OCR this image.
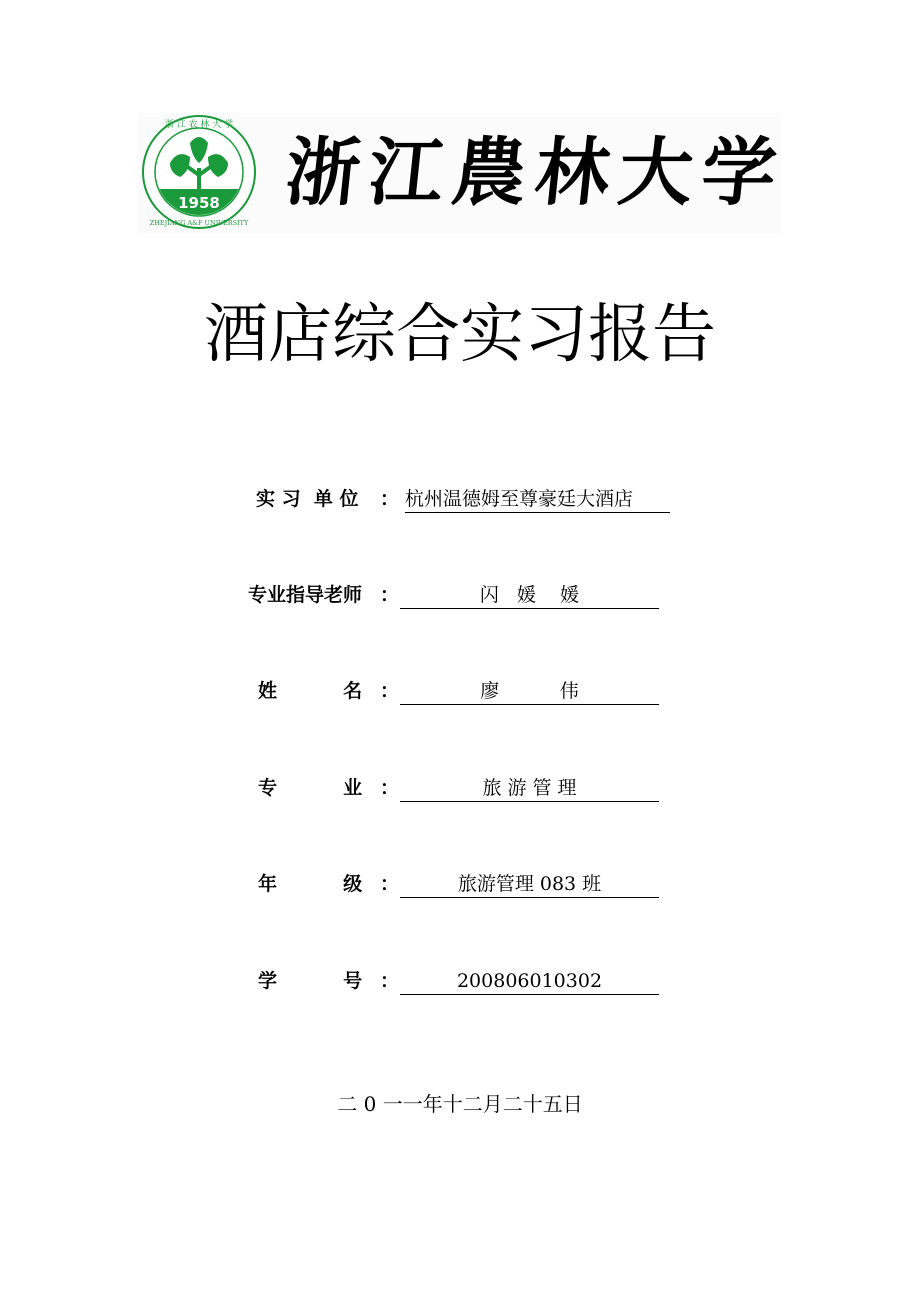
1958
浙 江 农 林 大 学
ZHEJIANG A&F UNIVERSITY
浙 江 農 林 大 学
酒店综合实习报告
实 习  单 位 ： 杭州温德姆至尊豪廷大酒店
专业指导老师 ：	闪   媛    媛
姓          名 ：	廖          伟
专          业 ：	旅 游 管 理
年          级 ：	旅游管理 083 班
学          号 ：	200806010302
二 0 一一年十二月二十五日
